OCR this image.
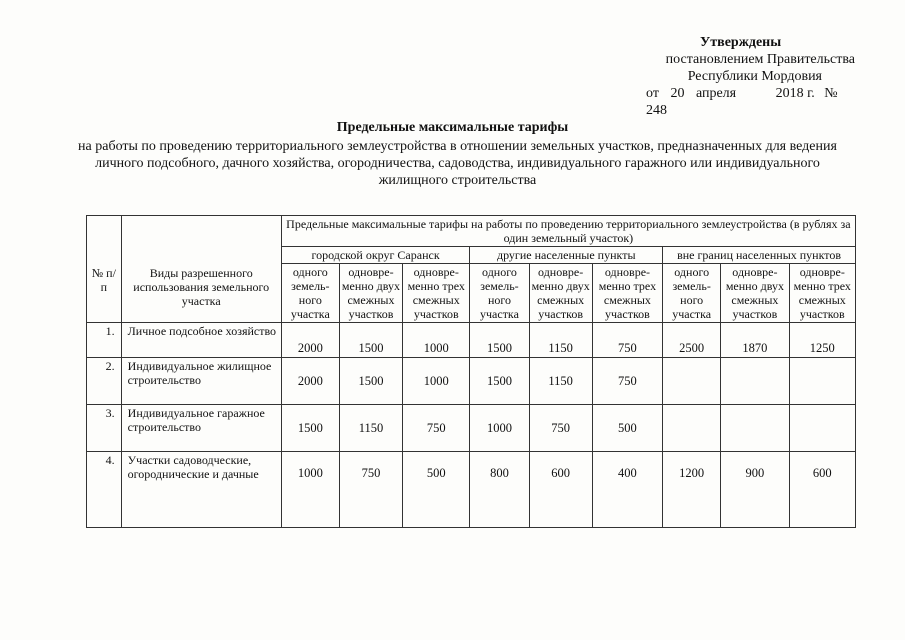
Утверждены
постановлением Правительства
Республики Мордовия
от 20 апреля	2018 г. № 248
Предельные максимальные тарифы
на работы по проведению территориального землеустройства в отношении земельных участков, предназначенных для ведения личного подсобного, дачного хозяйства, огородничества, садоводства, индивидуального гаражного или индивидуального жилищного строительства
№ п/п	Виды разрешенного использования земельного участка	Предельные максимальные тарифы на работы по проведению территориального землеустройства (в рублях за один земельный участок)								
		городской округ Саранск			другие населенные пункты			вне границ населенных пунктов		
		одного земель-ного участка	одновре-менно двух смежных участков	одновре-менно трех смежных участков	одного земель-ного участка	одновре-менно двух смежных участков	одновре-менно трех смежных участков	одного земель-ного участка	одновре-менно двух смежных участков	одновре-менно трех смежных участков
1.	Личное подсобное хозяйство	2000	1500	1000	1500	1150	750	2500	1870	1250
2.	Индивидуальное жилищное строительство	2000	1500	1000	1500	1150	750			
3.	Индивидуальное гаражное строительство	1500	1150	750	1000	750	500			
4.	Участки садоводческие, огороднические и дачные	1000	750	500	800	600	400	1200	900	600
